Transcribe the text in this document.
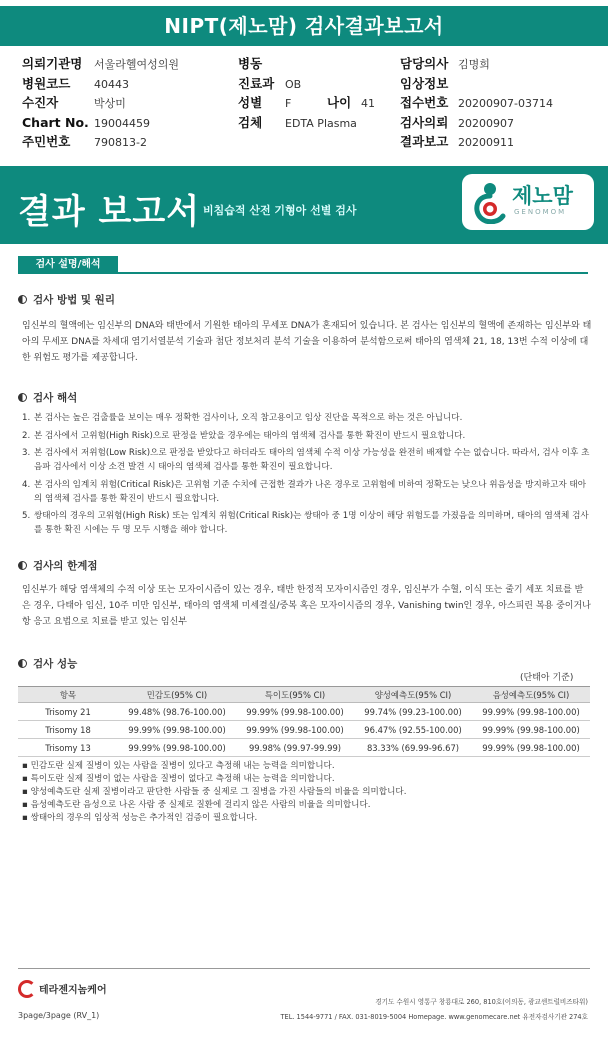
NIPT(제노맘) 검사결과보고서
의뢰기관명 서울라헬여성의원
병원코드 40443
수진자	박상미
Chart No. 19004459
주민번호 790813-2
병동
진료과 OB
성별 F	나이 41
검체 EDTA Plasma
담당의사 김명희
임상정보
접수번호 20200907-03714
검사의뢰 20200907
결과보고 20200911
결과 보고서 비침습적 산전 기형아 선별 검사
제노맘
GENOMOM
검사 설명/해석
검사 방법 및 원리
임신부의 혈액에는 임신부의 DNA와 태반에서 기원한 태아의 무세포 DNA가 혼재되어 있습니다. 본 검사는 임신부의 혈액에 존재하는 임신부와 태아의 무세포 DNA를 차세대 염기서열분석 기술과 첨단 정보처리 분석 기술을 이용하여 분석함으로써 태아의 염색체 21, 18, 13번 수적 이상에 대한 위험도 평가를 제공합니다.
검사 해석
1. 본 검사는 높은 검출률을 보이는 매우 정확한 검사이나, 오직 참고용이고 임상 진단을 목적으로 하는 것은 아닙니다.
2. 본 검사에서 고위험(High Risk)으로 판정을 받았을 경우에는 태아의 염색체 검사를 통한 확진이 반드시 필요합니다.
3. 본 검사에서 저위험(Low Risk)으로 판정을 받았다고 하더라도 태아의 염색체 수적 이상 가능성을 완전히 배제할 수는 없습니다. 따라서, 검사 이후 초음파 검사에서 이상 소견 발견 시 태아의 염색체 검사를 통한 확진이 필요합니다.
4. 본 검사의 임계치 위험(Critical Risk)은 고위험 기준 수치에 근접한 결과가 나온 경우로 고위험에 비하여 정확도는 낮으나 위음성을 방지하고자 태아의 염색체 검사를 통한 확진이 반드시 필요합니다.
5. 쌍태아의 경우의 고위험(High Risk) 또는 임계치 위험(Critical Risk)는 쌍태아 중 1명 이상이 해당 위험도를 가졌음을 의미하며, 태아의 염색체 검사를 통한 확진 시에는 두 명 모두 시행을 해야 합니다.
검사의 한계점
임신부가 해당 염색체의 수적 이상 또는 모자이시즘이 있는 경우, 태반 한정적 모자이시즘인 경우, 임신부가 수혈, 이식 또는 줄기 세포 치료를 받은 경우, 다태아 임신, 10주 미만 임신부, 태아의 염색체 미세결실/중복 혹은 모자이시즘의 경우, Vanishing twin인 경우, 아스피린 복용 중이거나 항 응고 요법으로 치료를 받고 있는 임신부
검사 성능
(단태아 기준)
항목	민감도(95% CI)	특이도(95% CI)	양성예측도(95% CI)	음성예측도(95% CI)
Trisomy 21	99.48% (98.76-100.00)	99.99% (99.98-100.00)	99.74% (99.23-100.00)	99.99% (99.98-100.00)
Trisomy 18	99.99% (99.98-100.00)	99.99% (99.98-100.00)	96.47% (92.55-100.00)	99.99% (99.98-100.00)
Trisomy 13	99.99% (99.98-100.00)	99.98% (99.97-99.99)	83.33% (69.99-96.67)	99.99% (99.98-100.00)
▪ 민감도란 실제 질병이 있는 사람을 질병이 있다고 측정해 내는 능력을 의미합니다.
▪ 특이도란 실제 질병이 없는 사람을 질병이 없다고 측정해 내는 능력을 의미합니다.
▪ 양성예측도란 실제 질병이라고 판단한 사람들 중 실제로 그 질병을 가진 사람들의 비율을 의미합니다.
▪ 음성예측도란 음성으로 나온 사람 중 실제로 질환에 걸리지 않은 사람의 비율을 의미합니다.
▪ 쌍태아의 경우의 임상적 성능은 추가적인 검증이 필요합니다.
테라젠지놈케어
경기도 수원시 영통구 창룡대로 260, 810호(이의동, 광교센트럴비즈타워)
TEL. 1544-9771 / FAX. 031-8019-5004 Homepage. www.genomecare.net 유전자검사기관 274호
3page/3page (RV_1)
